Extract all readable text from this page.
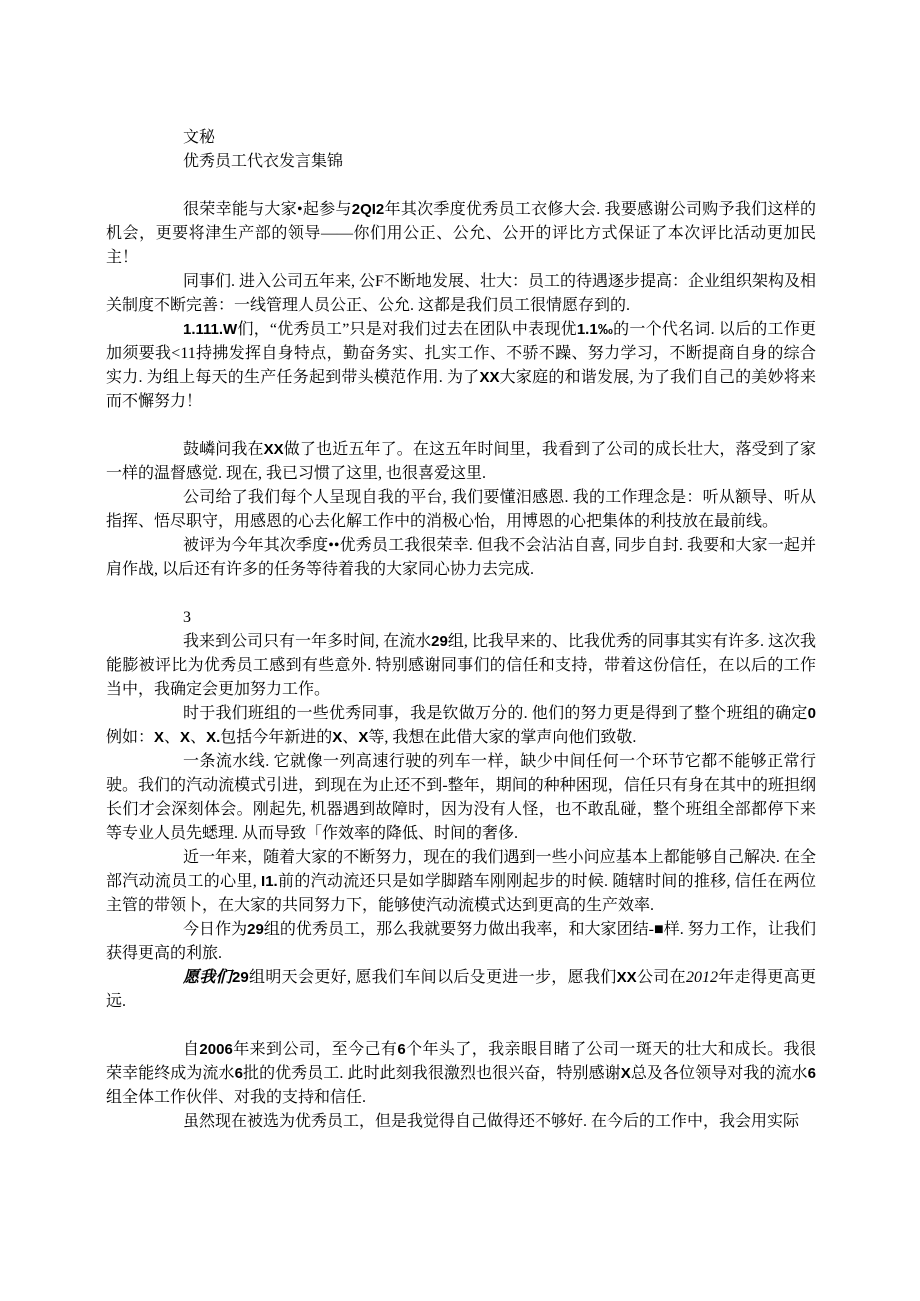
文秘

优秀员工代衣发言集锦

很荣幸能与大家•起参与2QI2年其次季度优秀员工衣修大会. 我要感谢公司购予我们这样的机会，更要将津生产部的领导——你们用公正、公允、公开的评比方式保证了本次评比活动更加民主！

同事们. 进入公司五年来, 公F不断地发展、壮大：员工的待遇逐步提高：企业组织架构及相关制度不断完善：一线管理人员公正、公允. 这都是我们员工很情愿存到的.

1.111.W们，“优秀员工”只是对我们过去在团队中表现优1.1‰的一个代名词. 以后的工作更加须要我<11持拂发挥自身特点，勤奋务实、扎实工作、不骄不躁、努力学习，不断提商自身的综合实力. 为组上每天的生产任务起到带头模范作用. 为了XX大家庭的和谐发展, 为了我们自己的美妙将来而不懈努力！

鼓嶙问我在XX做了也近五年了。在这五年时间里，我看到了公司的成长壮大，落受到了家一样的温督感觉. 现在, 我已习惯了这里, 也很喜爱这里.

公司给了我们每个人呈现自我的平台, 我们要懂汨感恩. 我的工作理念是：听从额导、听从指挥、悟尽职守，用感恩的心去化解工作中的消极心怡，用博恩的心把集体的利技放在最前线。

被评为今年其次季度••优秀员工我很荣幸. 但我不会沾沾自喜, 同步自封. 我要和大家一起并肩作战, 以后还有许多的任务等待着我的大家同心协力去完成.

3

我来到公司只有一年多时间, 在流水29组, 比我早来的、比我优秀的同事其实有许多. 这次我能膨被评比为优秀员工感到有些意外. 特别感谢同事们的信任和支持，带着这份信任，在以后的工作当中，我确定会更加努力工作。

时于我们班组的一些优秀同事，我是钦做万分的. 他们的努力更是得到了整个班组的确定0 例如：X、X、X.包括今年新进的X、X等, 我想在此借大家的掌声向他们致敬.

一条流水线. 它就像一列高速行驶的列车一样，缺少中间任何一个环节它都不能够正常行驶。我们的汽动流模式引进，到现在为止还不到-整年，期间的种种困现，信任只有身在其中的班担纲长们才会深刻体会。刚起先, 机器遇到故障时，因为没有人怪，也不敢乱碰，整个班组全部都停下来等专业人员先蟋理. 从而导致「作效率的降低、时间的奢侈.

近一年来，随着大家的不断努力，现在的我们遇到一些小问应基本上都能够自己解决. 在全部汽动流员工的心里, I1.前的汽动流还只是如学脚踏车刚刚起步的时候. 随辖时间的推移, 信任在两位主管的带领卜，在大家的共同努力下，能够使汽动流模式达到更高的生产效率.

今日作为29组的优秀员工，那么我就要努力做出我率，和大家团结-■样. 努力工作，让我们获得更高的利旅.

愿我们29组明天会更好, 愿我们车间以后殳更进一步，愿我们XX公司在2012年走得更高更远.

自2006年来到公司，至今己有6个年头了，我亲眼目睹了公司一斑天的壮大和成长。我很荣幸能终成为流水6批的优秀员工. 此时此刻我很激烈也很兴奋，特别感谢X总及各位领导对我的流水6组全体工作伙伴、对我的支持和信任.

虽然现在被选为优秀员工，但是我觉得自己做得还不够好. 在今后的工作中，我会用实际
